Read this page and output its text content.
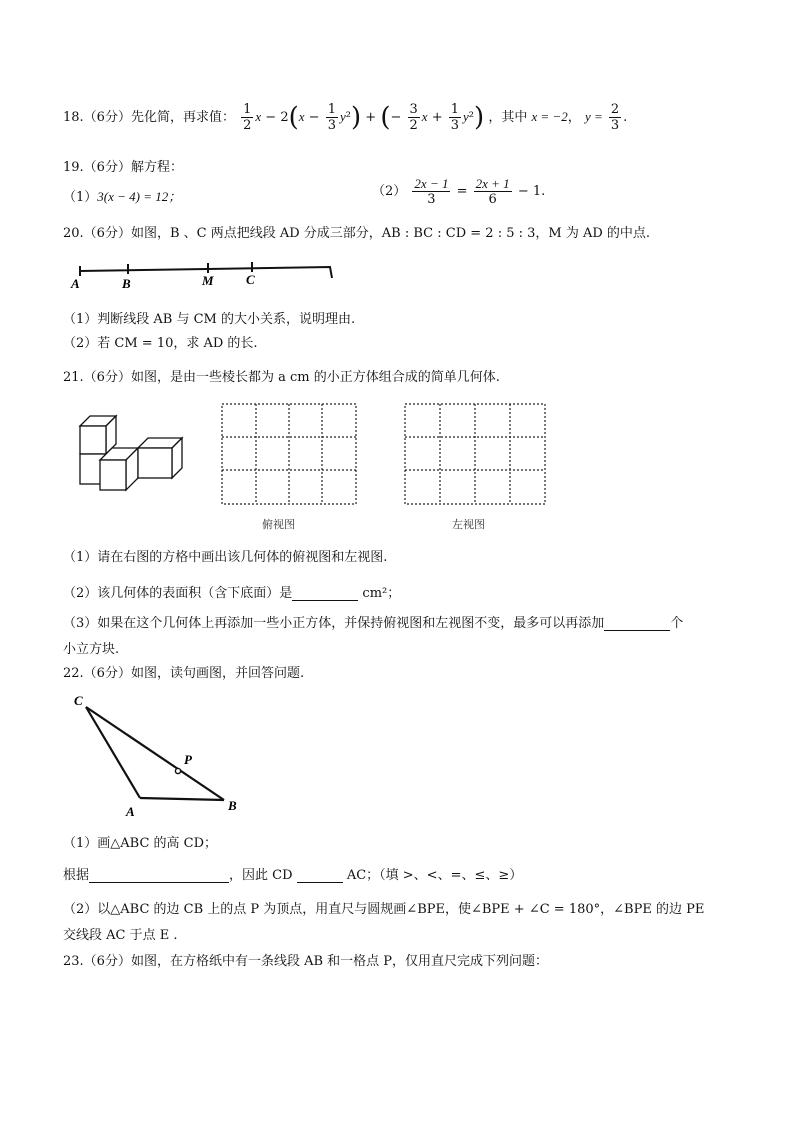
18.（6分）先化简，再求值： $\frac{1}{2}$ $x - 2(x - \frac{1}{3} y^2)$ + (− $\frac{3}{2}$ $x + \frac{1}{3} y^2$) ，其中 x = −2， $y = \frac{2}{3}$ .
19.（6分）解方程：
（1）3(x − 4) = 12；	$(2) \frac{2x - 1}{3} = \frac{2x + 1}{6} - 1$.
20.（6分）如图，B 、C 两点把线段 AD 分成三部分，AB : BC : CD = 2 : 5 : 3，M 为 AD 的中点.
A	B	M C
（1）判断线段 AB 与 CM 的大小关系，说明理由.
（2）若 CM = 10，求 AD 的长.
21.（6分）如图，是由一些棱长都为 a cm 的小正方体组合成的简单几何体.
俯视图	左视图
（1）请在右图的方格中画出该几何体的俯视图和左视图.
（2）该几何体的表面积（含下底面）是	cm²；
（3）如果在这个几何体上再添加一些小正方体，并保持俯视图和左视图不变，最多可以再添加	个
小立方块.
22.（6分）如图，读句画图，并回答问题.
C
P
A	B
（1）画△ABC 的高 CD；
根据	，因此 CD	AC；（填 >、<、=、≤、≥）
（2）以△ABC 的边 CB 上的点 P 为顶点，用直尺与圆规画∠BPE，使∠BPE + ∠C = 180°，∠BPE 的边 PE
交线段 AC 于点 E .
23.（6分）如图，在方格纸中有一条线段 AB 和一格点 P，仅用直尺完成下列问题：
